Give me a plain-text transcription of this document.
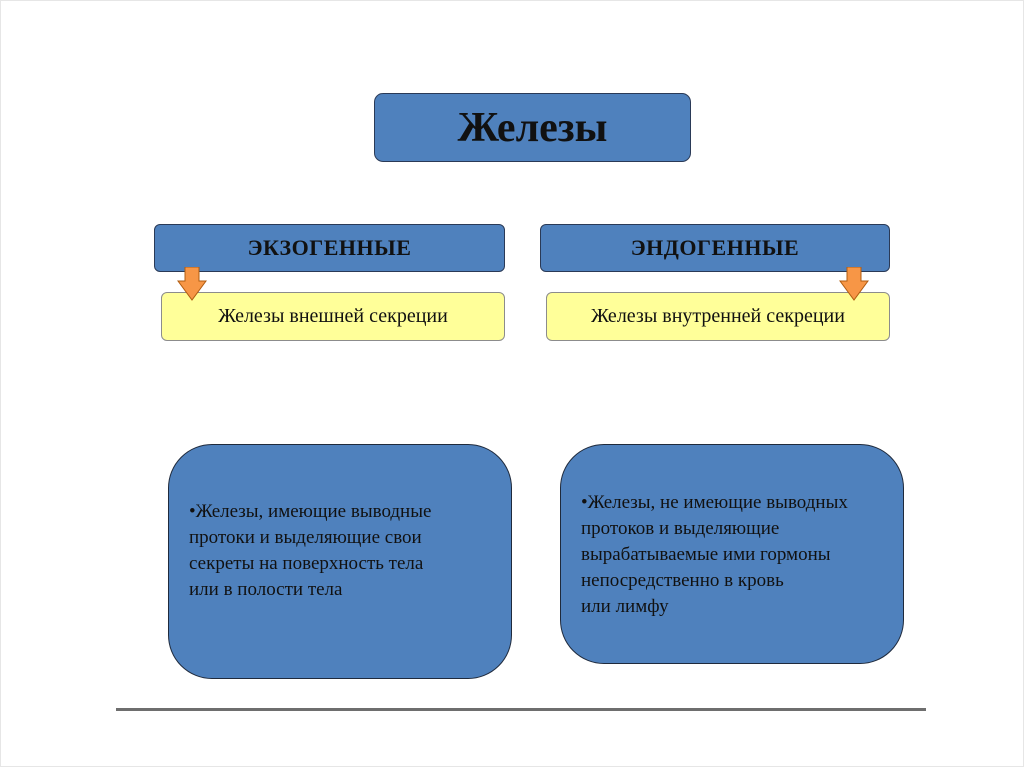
Железы
ЭКЗОГЕННЫЕ
Железы внешней секреции
ЭНДОГЕННЫЕ
Железы внутренней секреции
•Железы, имеющие выводные
протоки и выделяющие свои
секреты на поверхность тела
или в полости тела
•Железы, не имеющие выводных
протоков и выделяющие
вырабатываемые ими гормоны
непосредственно в кровь
или лимфу
